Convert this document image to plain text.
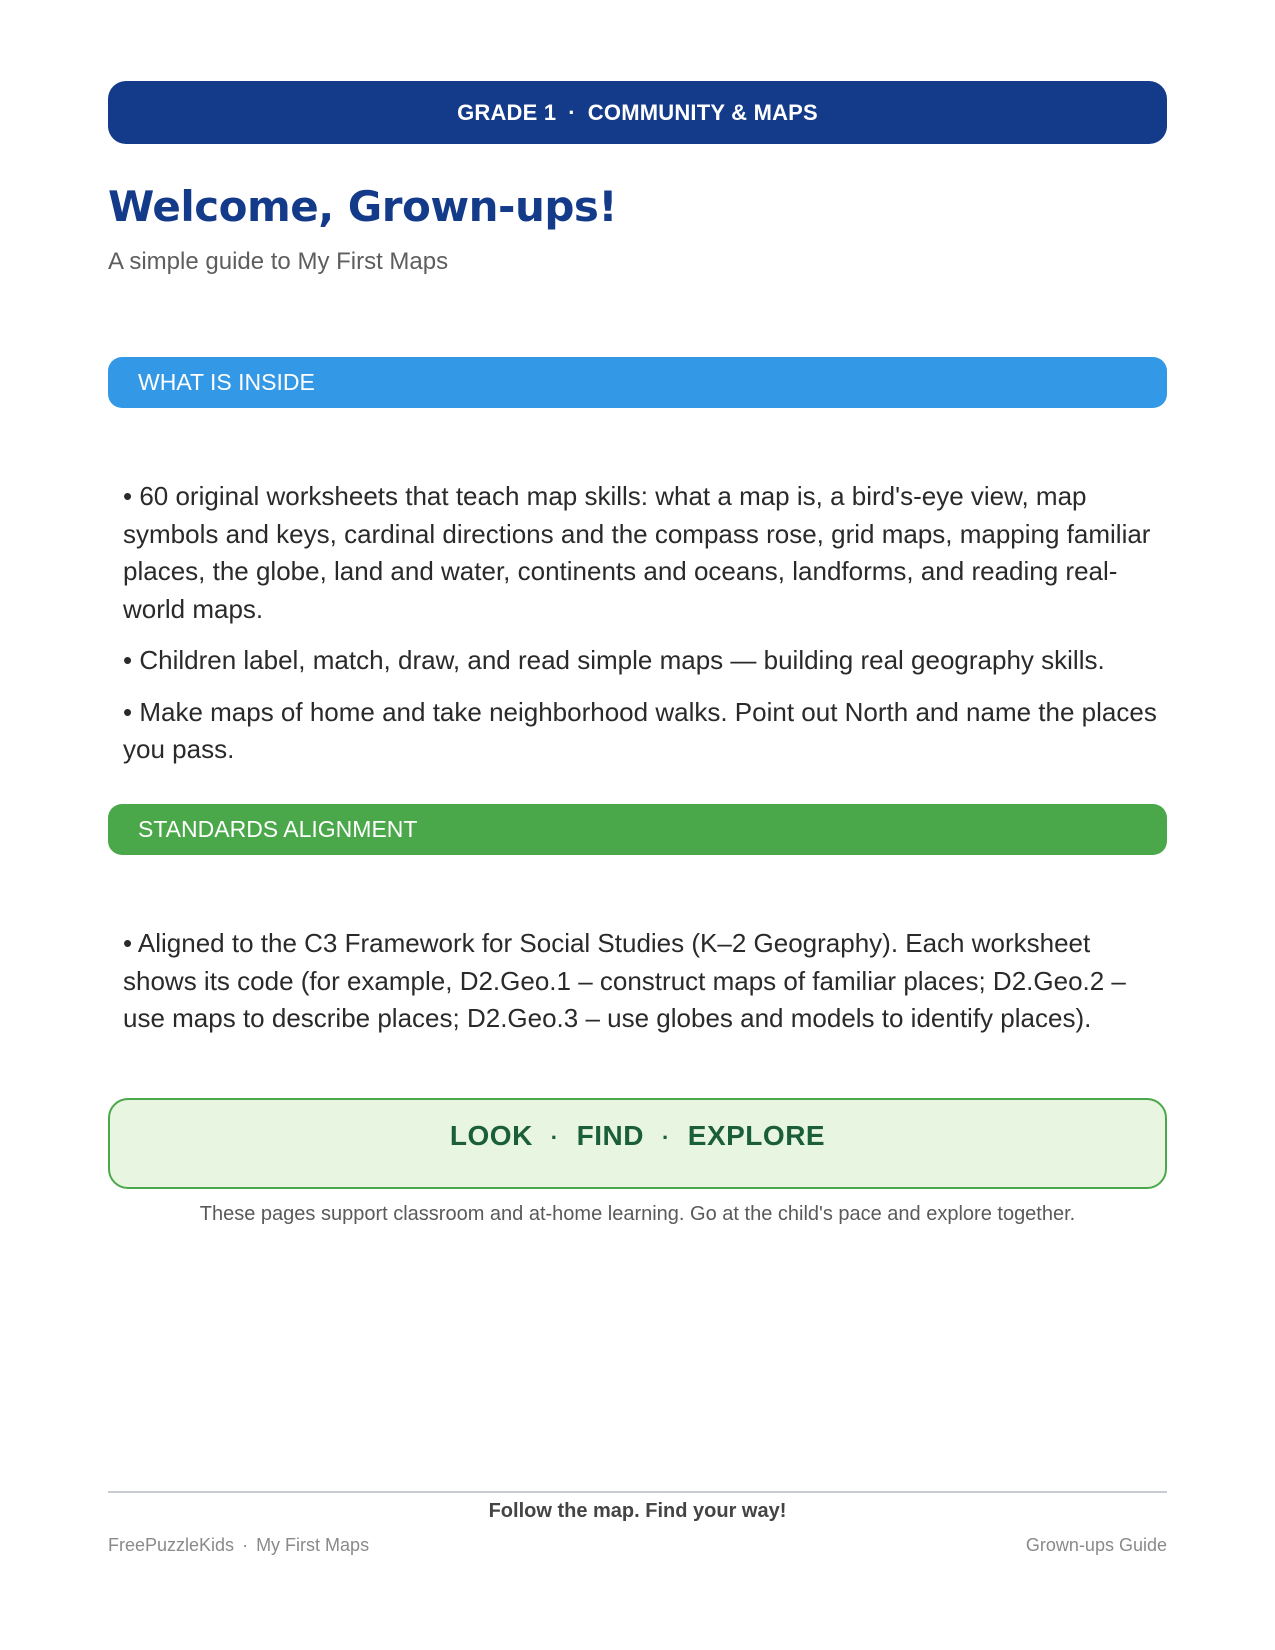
GRADE 1 · COMMUNITY & MAPS
Welcome, Grown-ups!

A simple guide to My First Maps

WHAT IS INSIDE
• 60 original worksheets that teach map skills: what a map is, a bird's-eye view, map symbols and keys, cardinal directions and the compass rose, grid maps, mapping familiar places, the globe, land and water, continents and oceans, landforms, and reading real-world maps.
• Children label, match, draw, and read simple maps — building real geography skills.
• Make maps of home and take neighborhood walks. Point out North and name the places you pass.
STANDARDS ALIGNMENT
• Aligned to the C3 Framework for Social Studies (K–2 Geography). Each worksheet shows its code (for example, D2.Geo.1 – construct maps of familiar places; D2.Geo.2 – use maps to describe places; D2.Geo.3 – use globes and models to identify places).
LOOK · FIND · EXPLORE
These pages support classroom and at-home learning. Go at the child's pace and explore together.
Follow the map. Find your way!
FreePuzzleKids · My First Maps	Grown-ups Guide
